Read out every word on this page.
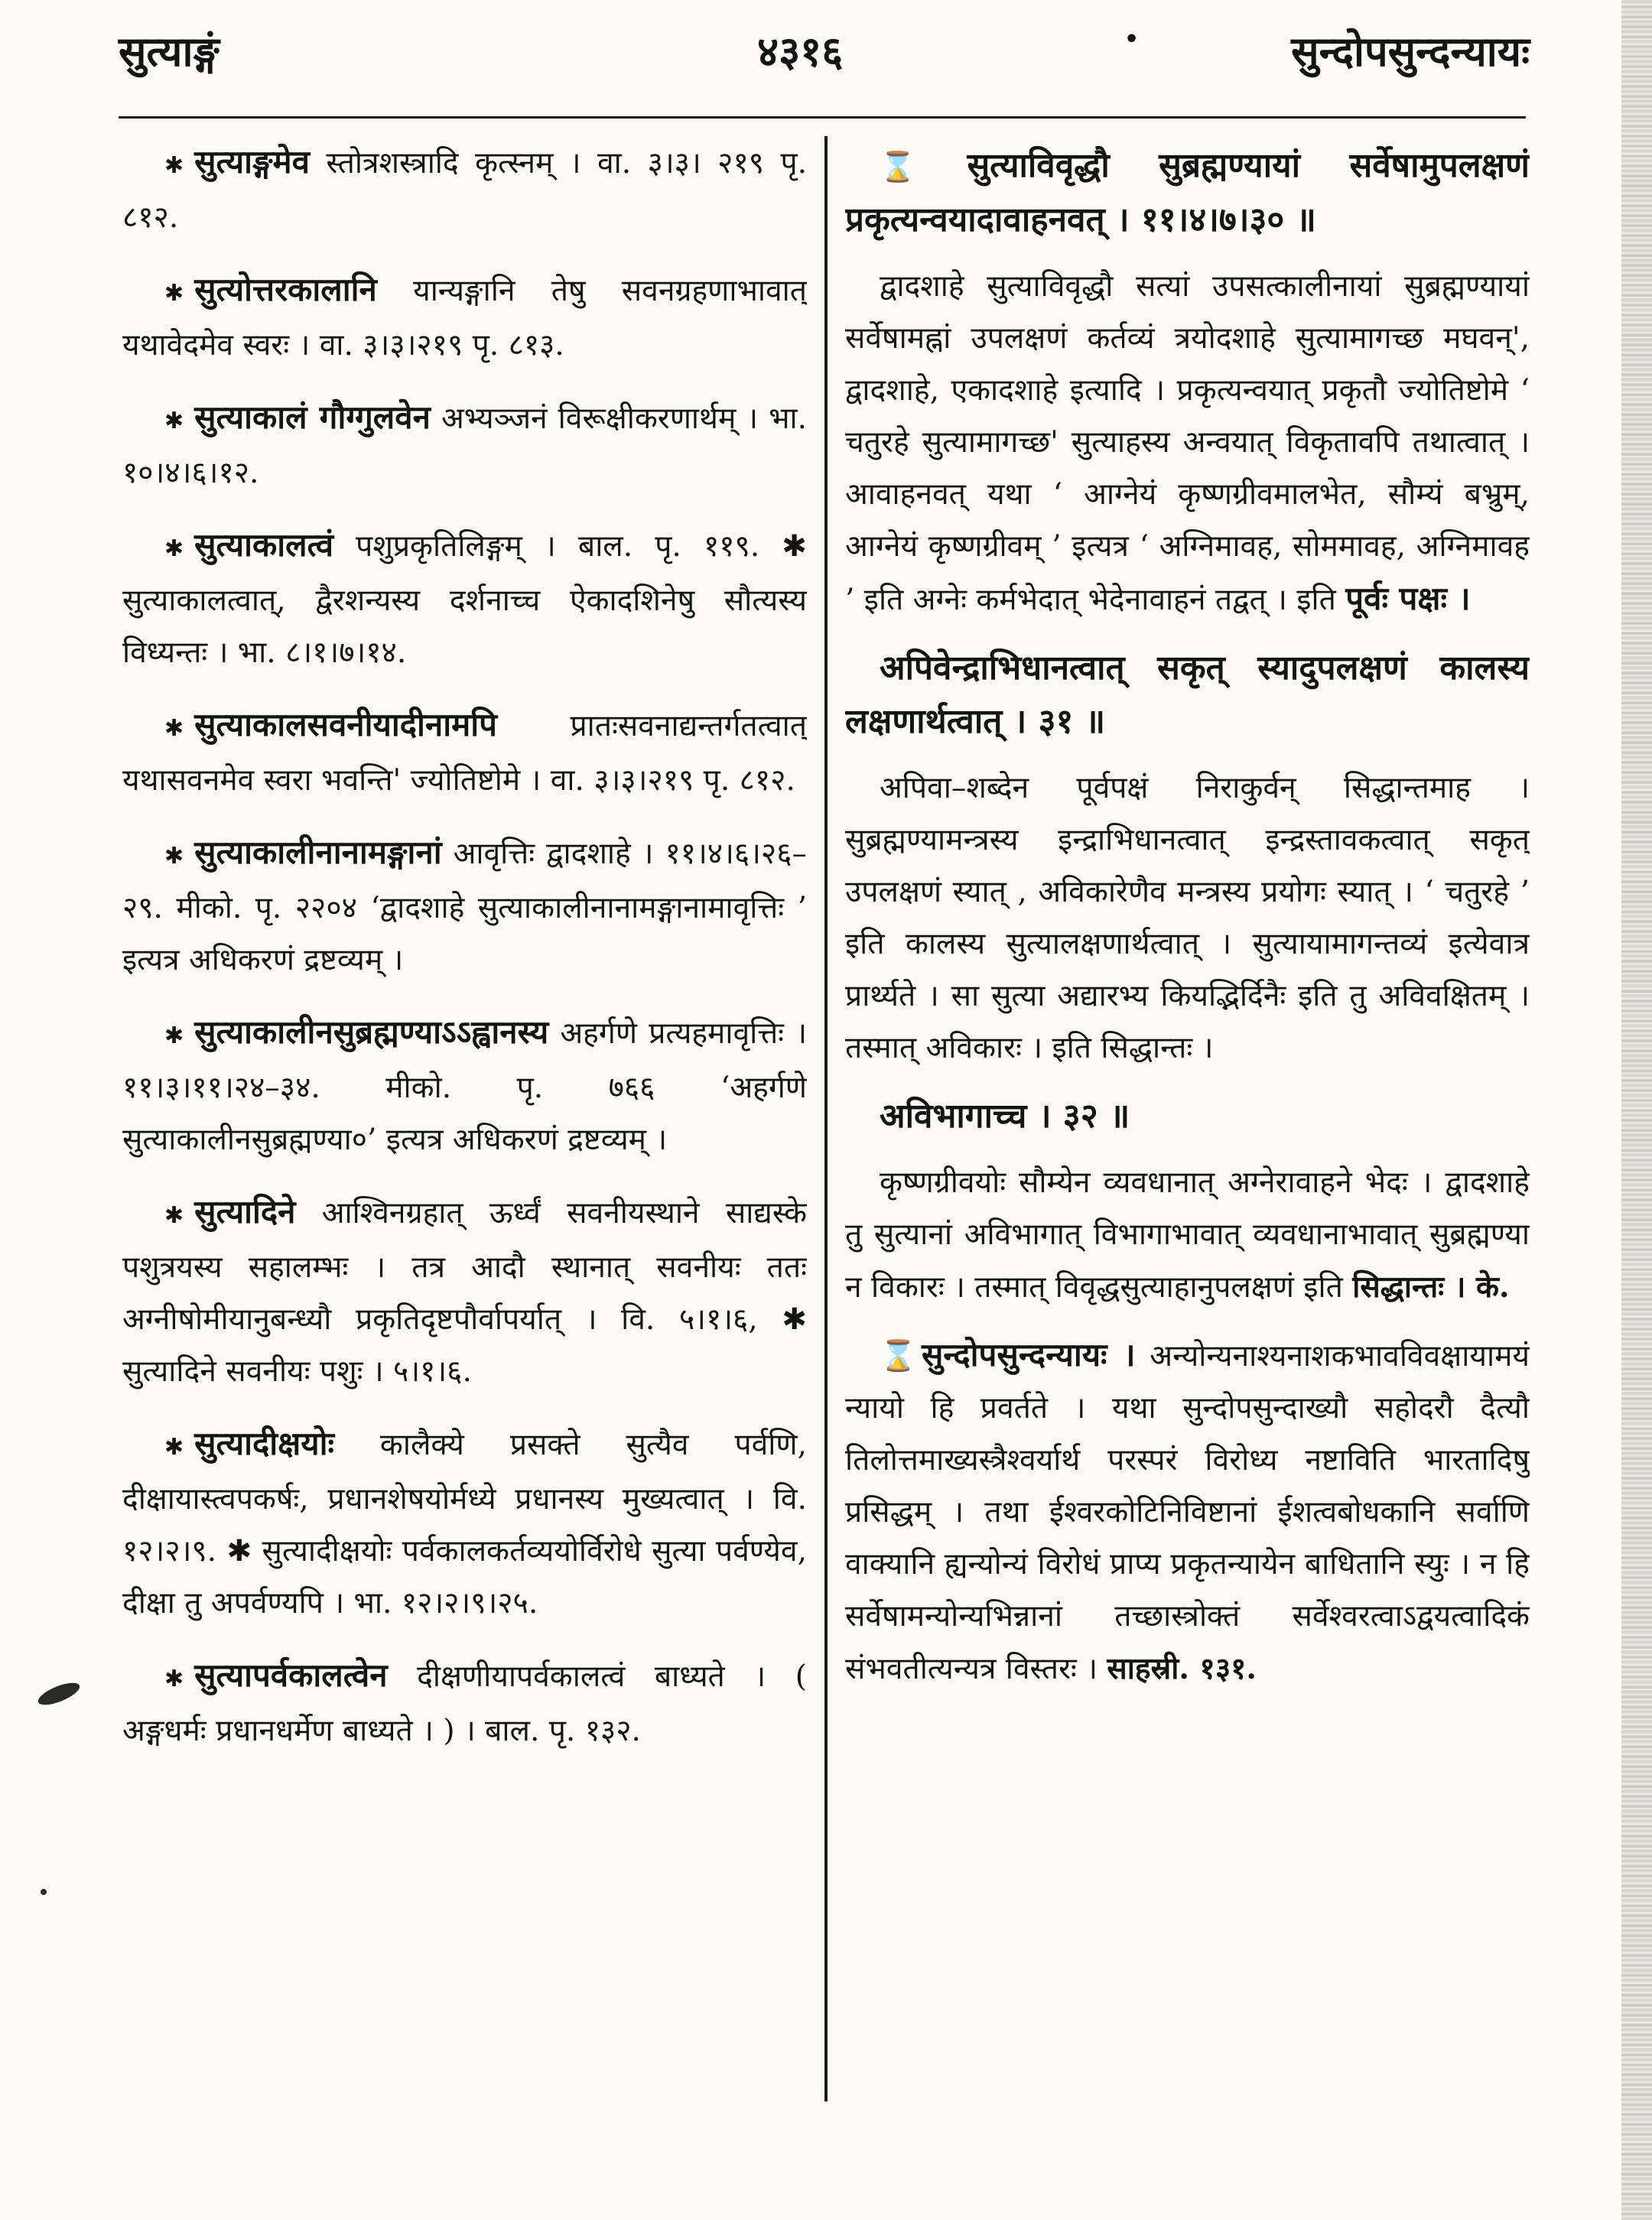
सुत्याङ्गं	४३१६	•	सुन्दोपसुन्दन्यायः

✱ सुत्याङ्गमेव स्तोत्रशस्त्रादि कृत्स्नम् । वा. ३।३। २१९ पृ. ८१२.

✱ सुत्योत्तरकालानि यान्यङ्गानि तेषु सवनग्रहणाभावात् यथावेदमेव स्वरः । वा. ३।३।२१९ पृ. ८१३.

✱ सुत्याकालं गौग्गुलवेन अभ्यञ्जनं विरूक्षीकरणार्थम् । भा. १०।४।६।१२.

✱ सुत्याकालत्वं पशुप्रकृतिलिङ्गम् । बाल. पृ. ११९. ✱ सुत्याकालत्वात्, द्वैरशन्यस्य दर्शनाच्च ऐकादशिनेषु सौत्यस्य विध्यन्तः । भा. ८।१।७।१४.

✱ सुत्याकालसवनीयादीनामपि प्रातःसवनाद्यन्तर्गतत्वात् यथासवनमेव स्वरा भवन्ति' ज्योतिष्टोमे । वा. ३।३।२१९ पृ. ८१२.

✱ सुत्याकालीनानामङ्गानां आवृत्तिः द्वादशाहे । ११।४।६।२६–२९. मीको. पृ. २२०४ ‘द्वादशाहे सुत्याकालीनानामङ्गानामावृत्तिः ’ इत्यत्र अधिकरणं द्रष्टव्यम् ।

✱ सुत्याकालीनसुब्रह्मण्याऽऽह्वानस्य अहर्गणे प्रत्यहमावृत्तिः । ११।३।११।२४–३४. मीको. पृ. ७६६ ‘अहर्गणे सुत्याकालीनसुब्रह्मण्या०’ इत्यत्र अधिकरणं द्रष्टव्यम् ।

✱ सुत्यादिने आश्विनग्रहात् ऊर्ध्वं सवनीयस्थाने साद्यस्के पशुत्रयस्य सहालम्भः । तत्र आदौ स्थानात् सवनीयः ततः अग्नीषोमीयानुबन्ध्यौ प्रकृतिदृष्टपौर्वापर्यात् । वि. ५।१।६, ✱ सुत्यादिने सवनीयः पशुः । ५।१।६.

✱ सुत्यादीक्षयोः कालैक्ये प्रसक्ते सुत्यैव पर्वणि, दीक्षायास्त्वपकर्षः, प्रधानशेषयोर्मध्ये प्रधानस्य मुख्यत्वात् । वि. १२।२।९. ✱ सुत्यादीक्षयोः पर्वकालकर्तव्ययोर्विरोधे सुत्या पर्वण्येव, दीक्षा तु अपर्वण्यपि । भा. १२।२।९।२५.

✱ सुत्यापर्वकालत्वेन दीक्षणीयापर्वकालत्वं बाध्यते । ( अङ्गधर्मः प्रधानधर्मेण बाध्यते । ) । बाल. पृ. १३२.

⌛ सुत्याविवृद्धौ सुब्रह्मण्यायां सर्वेषामुपलक्षणं प्रकृत्यन्वयादावाहनवत् । ११।४।७।३० ॥

द्वादशाहे सुत्याविवृद्धौ सत्यां उपसत्कालीनायां सुब्रह्मण्यायां सर्वेषामह्नां उपलक्षणं कर्तव्यं त्रयोदशाहे सुत्यामागच्छ मघवन्', द्वादशाहे, एकादशाहे इत्यादि । प्रकृत्यन्वयात् प्रकृतौ ज्योतिष्टोमे ‘ चतुरहे सुत्यामागच्छ' सुत्याहस्य अन्वयात् विकृतावपि तथात्वात् । आवाहनवत् यथा ‘ आग्नेयं कृष्णग्रीवमालभेत, सौम्यं बभ्रुम्, आग्नेयं कृष्णग्रीवम् ’ इत्यत्र ‘ अग्निमावह, सोममावह, अग्निमावह ’ इति अग्नेः कर्मभेदात् भेदेनावाहनं तद्वत् । इति पूर्वः पक्षः ।

अपिवेन्द्राभिधानत्वात् सकृत् स्यादुपलक्षणं कालस्य लक्षणार्थत्वात् । ३१ ॥

अपिवा–शब्देन पूर्वपक्षं निराकुर्वन् सिद्धान्तमाह । सुब्रह्मण्यामन्त्रस्य इन्द्राभिधानत्वात् इन्द्रस्तावकत्वात् सकृत् उपलक्षणं स्यात् , अविकारेणैव मन्त्रस्य प्रयोगः स्यात् । ‘ चतुरहे ’ इति कालस्य सुत्यालक्षणार्थत्वात् । सुत्यायामागन्तव्यं इत्येवात्र प्रार्थ्यते । सा सुत्या अद्यारभ्य कियद्भिर्दिनैः इति तु अविवक्षितम् । तस्मात् अविकारः । इति सिद्धान्तः ।

अविभागाच्च । ३२ ॥

कृष्णग्रीवयोः सौम्येन व्यवधानात् अग्नेरावाहने भेदः । द्वादशाहे तु सुत्यानां अविभागात् विभागाभावात् व्यवधानाभावात् सुब्रह्मण्या न विकारः । तस्मात् विवृद्धसुत्याहानुपलक्षणं इति सिद्धान्तः । के.

⌛सुन्दोपसुन्दन्यायः । अन्योन्यनाश्यनाशकभावविवक्षायामयं न्यायो हि प्रवर्तते । यथा सुन्दोपसुन्दाख्यौ सहोदरौ दैत्यौ तिलोत्तमाख्यस्त्रैश्वर्यार्थ परस्परं विरोध्य नष्टाविति भारतादिषु प्रसिद्धम् । तथा ईश्वरकोटिनिविष्टानां ईशत्वबोधकानि सर्वाणि वाक्यानि ह्यन्योन्यं विरोधं प्राप्य प्रकृतन्यायेन बाधितानि स्युः । न हि सर्वेषामन्योन्यभिन्नानां तच्छास्त्रोक्तं सर्वेश्वरत्वाऽद्वयत्वादिकं संभवतीत्यन्यत्र विस्तरः । साहस्री. १३१.
